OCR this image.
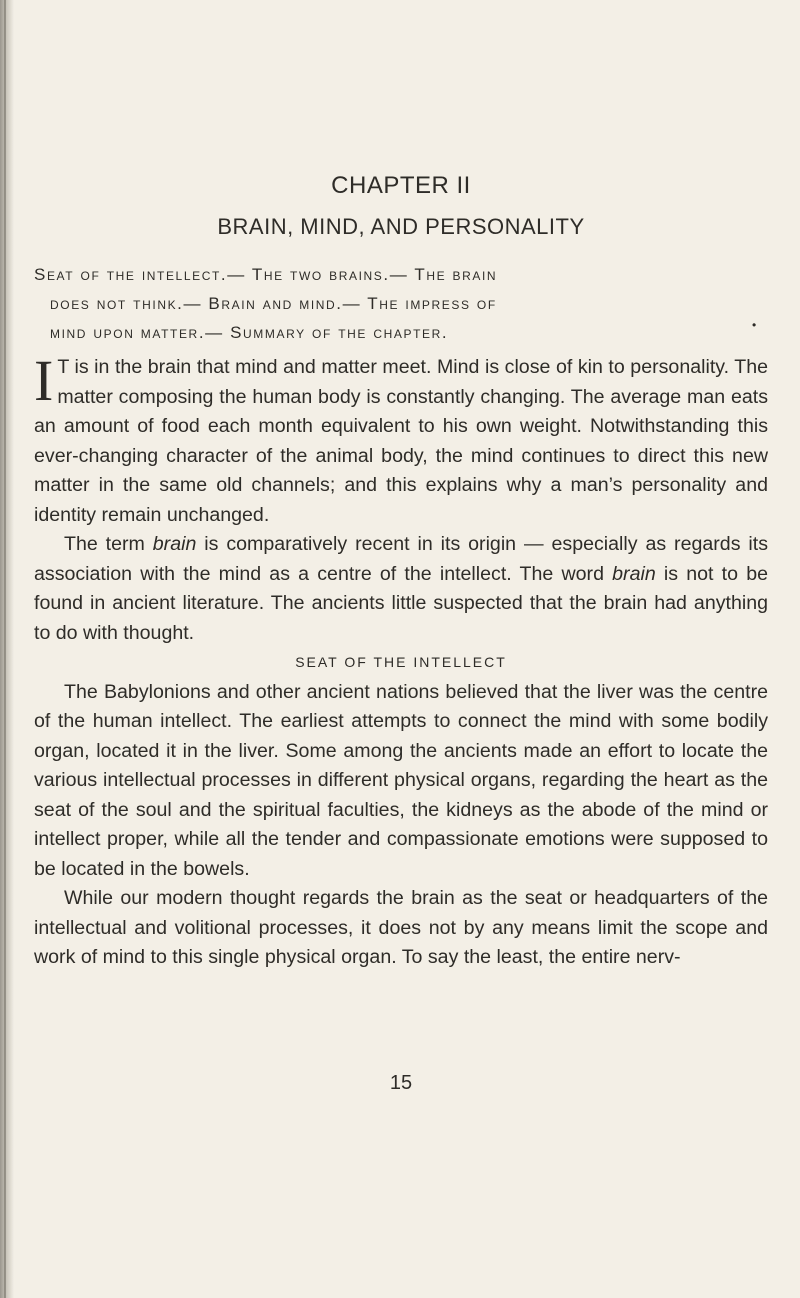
CHAPTER II
BRAIN, MIND, AND PERSONALITY
Seat of the intellect.— The two brains.— The brain
does not think.— Brain and mind.— The impress of
mind upon matter.— Summary of the chapter.	•

I T is in the brain that mind and matter meet. Mind is close of kin to personality. The matter composing the human body is constantly changing. The average man eats an amount of food each month equivalent to his own weight. Notwithstanding this ever-changing character of the animal body, the mind continues to direct this new matter in the same old channels; and this explains why a man’s personality and identity remain unchanged.

The term brain is comparatively recent in its origin — especially as regards its association with the mind as a centre of the intellect. The word brain is not to be found in ancient literature. The ancients little suspected that the brain had anything to do with thought.

SEAT OF THE INTELLECT

The Babylonions and other ancient nations believed that the liver was the centre of the human intellect. The earliest attempts to connect the mind with some bodily organ, located it in the liver. Some among the ancients made an effort to locate the various intellectual processes in different physical organs, regarding the heart as the seat of the soul and the spiritual faculties, the kidneys as the abode of the mind or intellect proper, while all the tender and compassionate emotions were supposed to be located in the bowels.

While our modern thought regards the brain as the seat or headquarters of the intellectual and volitional processes, it does not by any means limit the scope and work of mind to this single physical organ. To say the least, the entire nerv-

15
